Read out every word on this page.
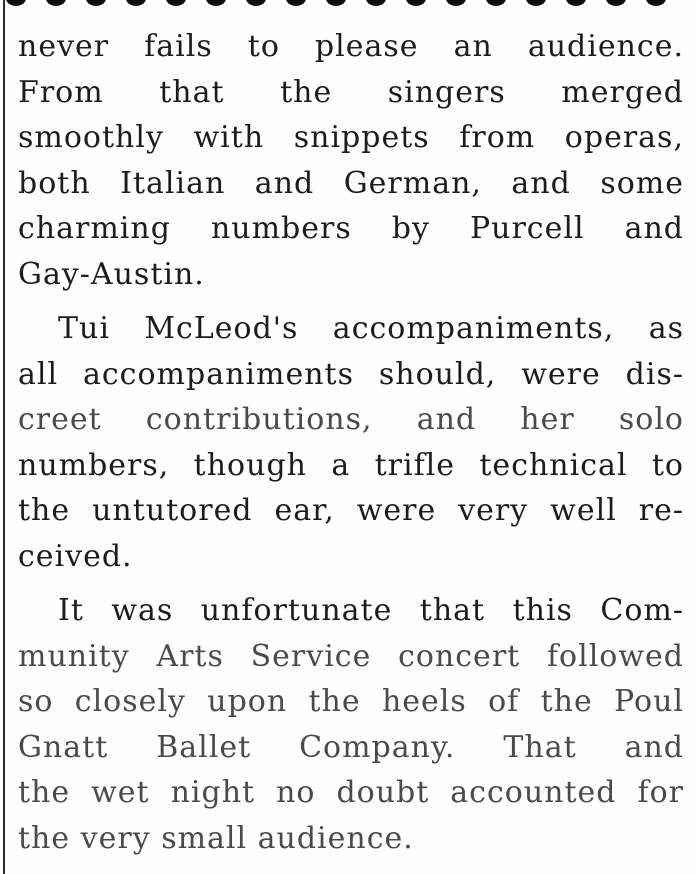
never fails to please an audience.
From that the singers merged
smoothly with snippets from operas,
both Italian and German, and some
charming numbers by Purcell and
Gay-Austin.
Tui McLeod's accompaniments, as
all accompaniments should, were dis-
creet contributions, and her solo
numbers, though a trifle technical to
the untutored ear, were very well re-
ceived.
It was unfortunate that this Com-
munity Arts Service concert followed
so closely upon the heels of the Poul
Gnatt Ballet Company. That and
the wet night no doubt accounted for
the very small audience.
